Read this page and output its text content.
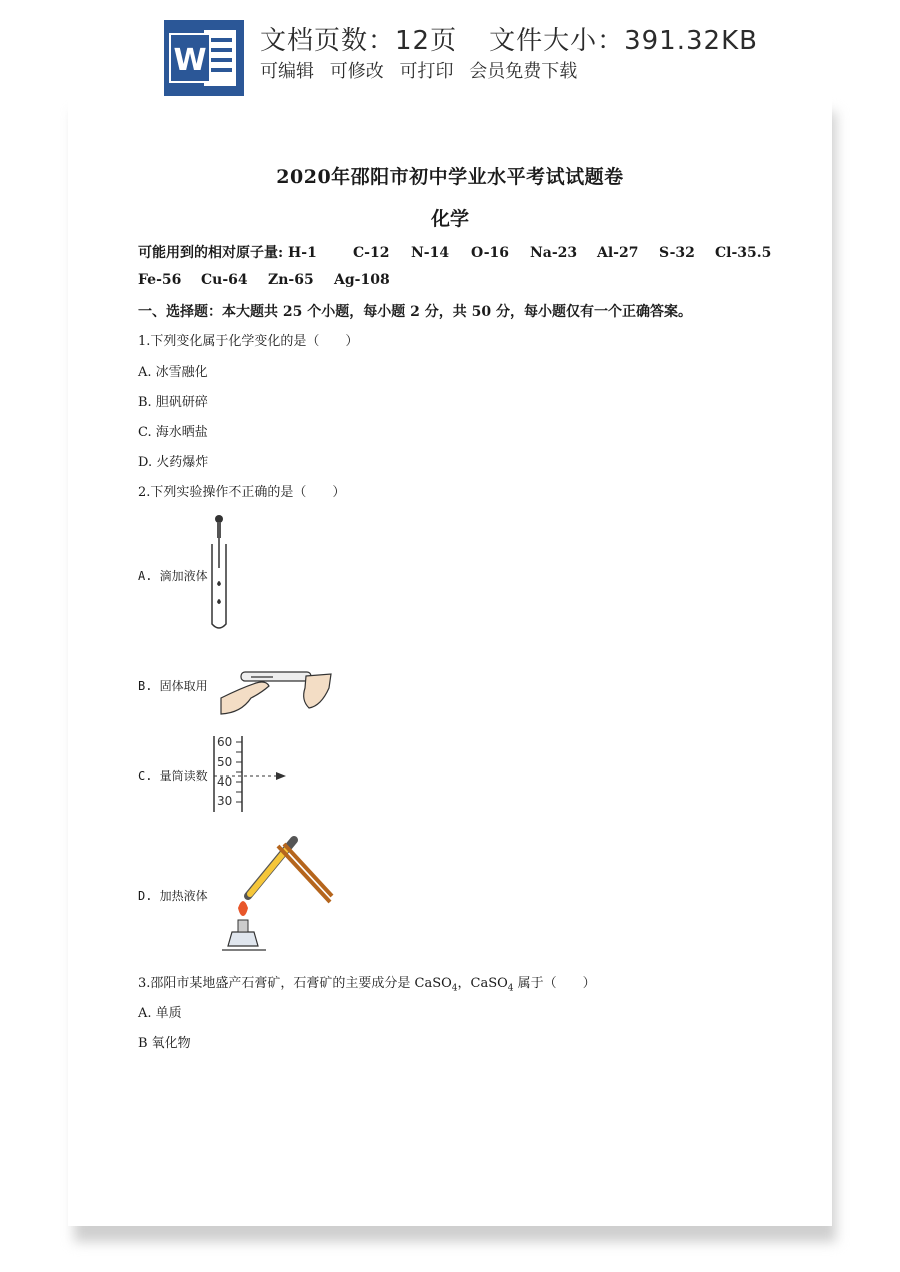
W
文档页数：12页 文件大小：391.32KB
可编辑 可修改 可打印 会员免费下载
2020年邵阳市初中学业水平考试试题卷
化学
可能用到的相对原子量: H-1	C-12 N-14 O-16 Na-23 Al-27 S-32 Cl-35.5
Fe-56 Cu-64 Zn-65 Ag-108
一、选择题：本大题共 25 个小题，每小题 2 分，共 50 分，每小题仅有一个正确答案。
1.下列变化属于化学变化的是（　　）
A. 冰雪融化
B. 胆矾研碎
C. 海水晒盐
D. 火药爆炸
2.下列实验操作不正确的是（　　）
A. 滴加液体
B. 固体取用
C. 量筒读数
60
50
40
30
D. 加热液体
3.邵阳市某地盛产石膏矿，石膏矿的主要成分是 CaSO$_4$，CaSO$_4$ 属于（　　）
A. 单质
B 氧化物
